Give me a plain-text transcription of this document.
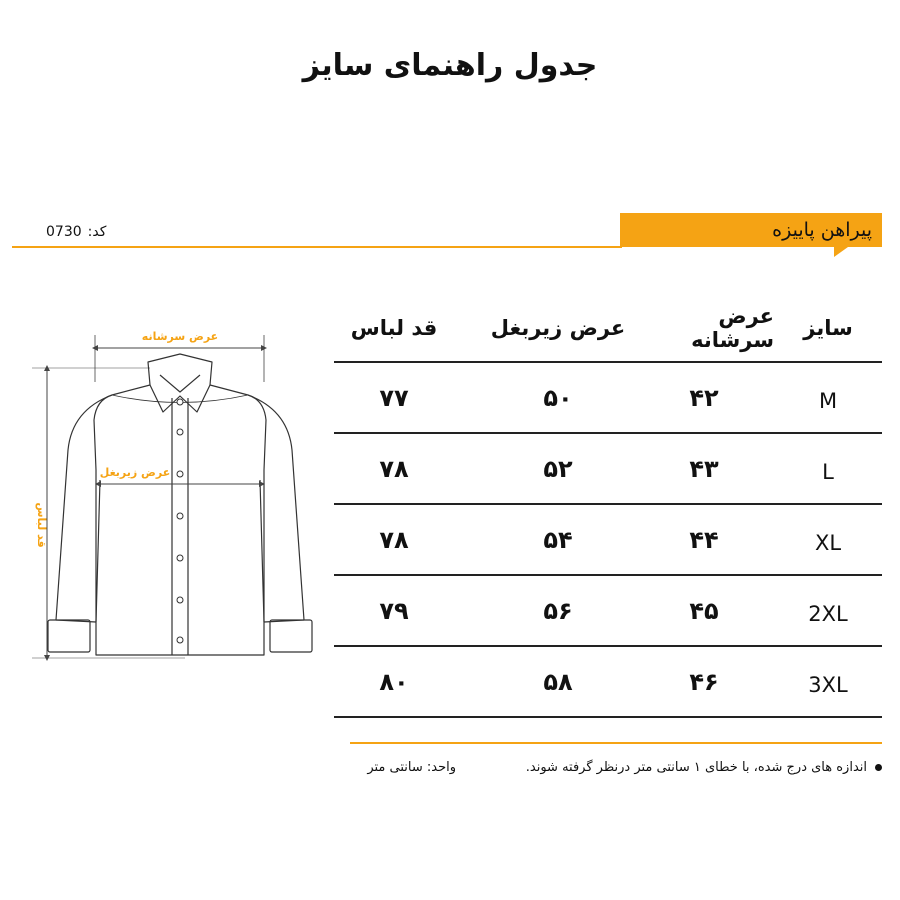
جدول راهنمای سایز
پیراهن پاییزه
کد:0730
عرض سرشانه
قد لباس
عرض زیربغل
سایز
عرض سرشانه
عرض زیربغل
قد لباس
M
۴۲
۵۰
۷۷
L
۴۳
۵۲
۷۸
XL
۴۴
۵۴
۷۸
2XL
۴۵
۵۶
۷۹
3XL
۴۶
۵۸
۸۰
اندازه های درج شده، با خطای ۱ سانتی متر درنظر گرفته شوند.
واحد: سانتی متر
